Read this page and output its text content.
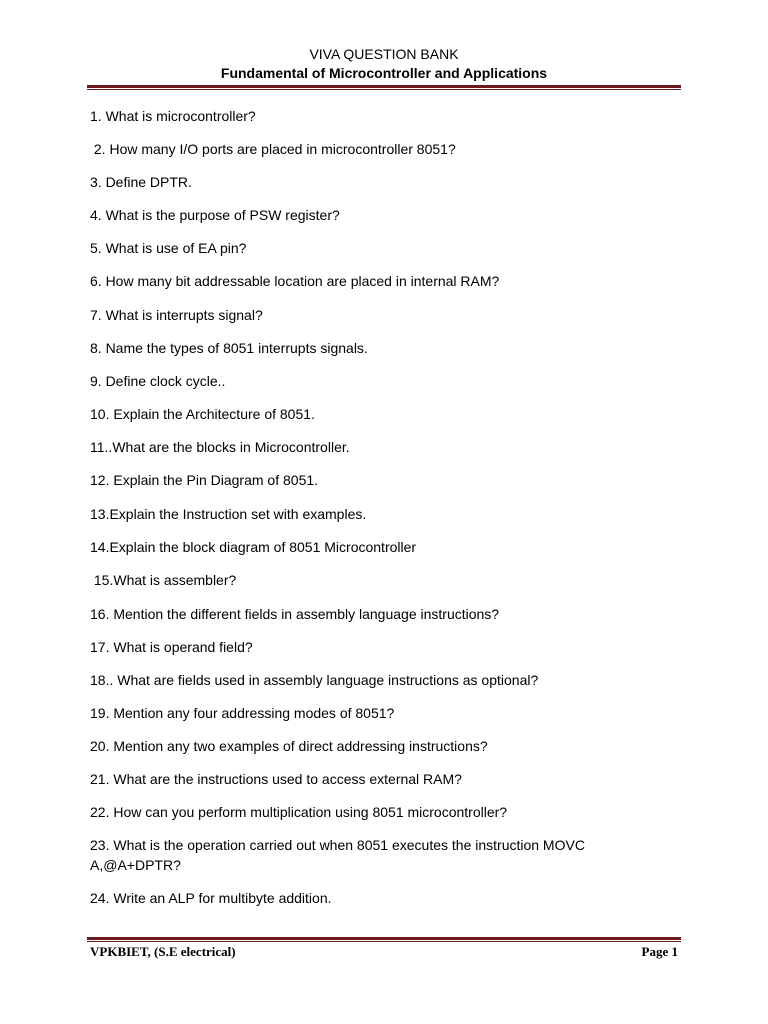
VIVA QUESTION BANK
Fundamental of Microcontroller and Applications
1. What is microcontroller?
2. How many I/O ports are placed in microcontroller 8051?
3. Define DPTR.
4. What is the purpose of PSW register?
5. What is use of EA pin?
6. How many bit addressable location are placed in internal RAM?
7. What is interrupts signal?
8. Name the types of 8051 interrupts signals.
9. Define clock cycle..
10. Explain the Architecture of 8051.
11..What are the blocks in Microcontroller.
12. Explain the Pin Diagram of 8051.
13.Explain the Instruction set with examples.
14.Explain the block diagram of 8051 Microcontroller
15.What is assembler?
16. Mention the different fields in assembly language instructions?
17. What is operand field?
18.. What are fields used in assembly language instructions as optional?
19. Mention any four addressing modes of 8051?
20. Mention any two examples of direct addressing instructions?
21. What are the instructions used to access external RAM?
22. How can you perform multiplication using 8051 microcontroller?
23. What is the operation carried out when 8051 executes the instruction MOVC
A,@A+DPTR?
24. Write an ALP for multibyte addition.
VPKBIET, (S.E electrical)	Page 1
